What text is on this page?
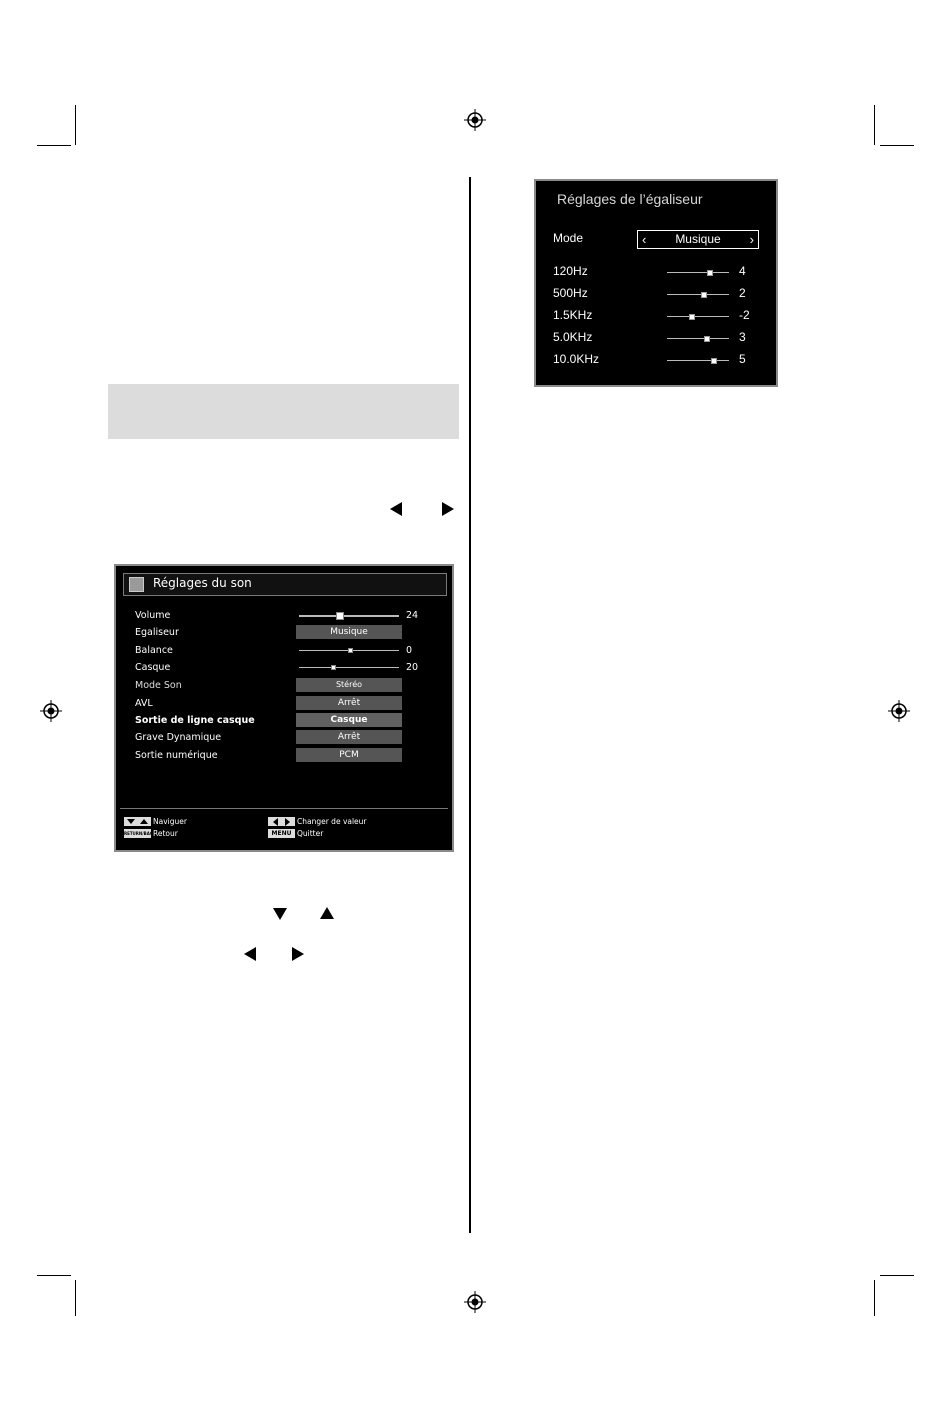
Réglages du son
Volume	24
Egaliseur	Musique
Balance	0
Casque	20
Mode Son	Stéréo
AVL	Arrêt
Sortie de ligne casque	Casque
Grave Dynamique	Arrêt
Sortie numérique	PCM
Naviguer
RETURN/BACK
Retour
Changer de valeur
MENU Quitter
Réglages de l’égaliseur
Mode	‹ Musique ›
120Hz	4
500Hz	2
1.5KHz	-2
5.0KHz	3
10.0KHz	5
